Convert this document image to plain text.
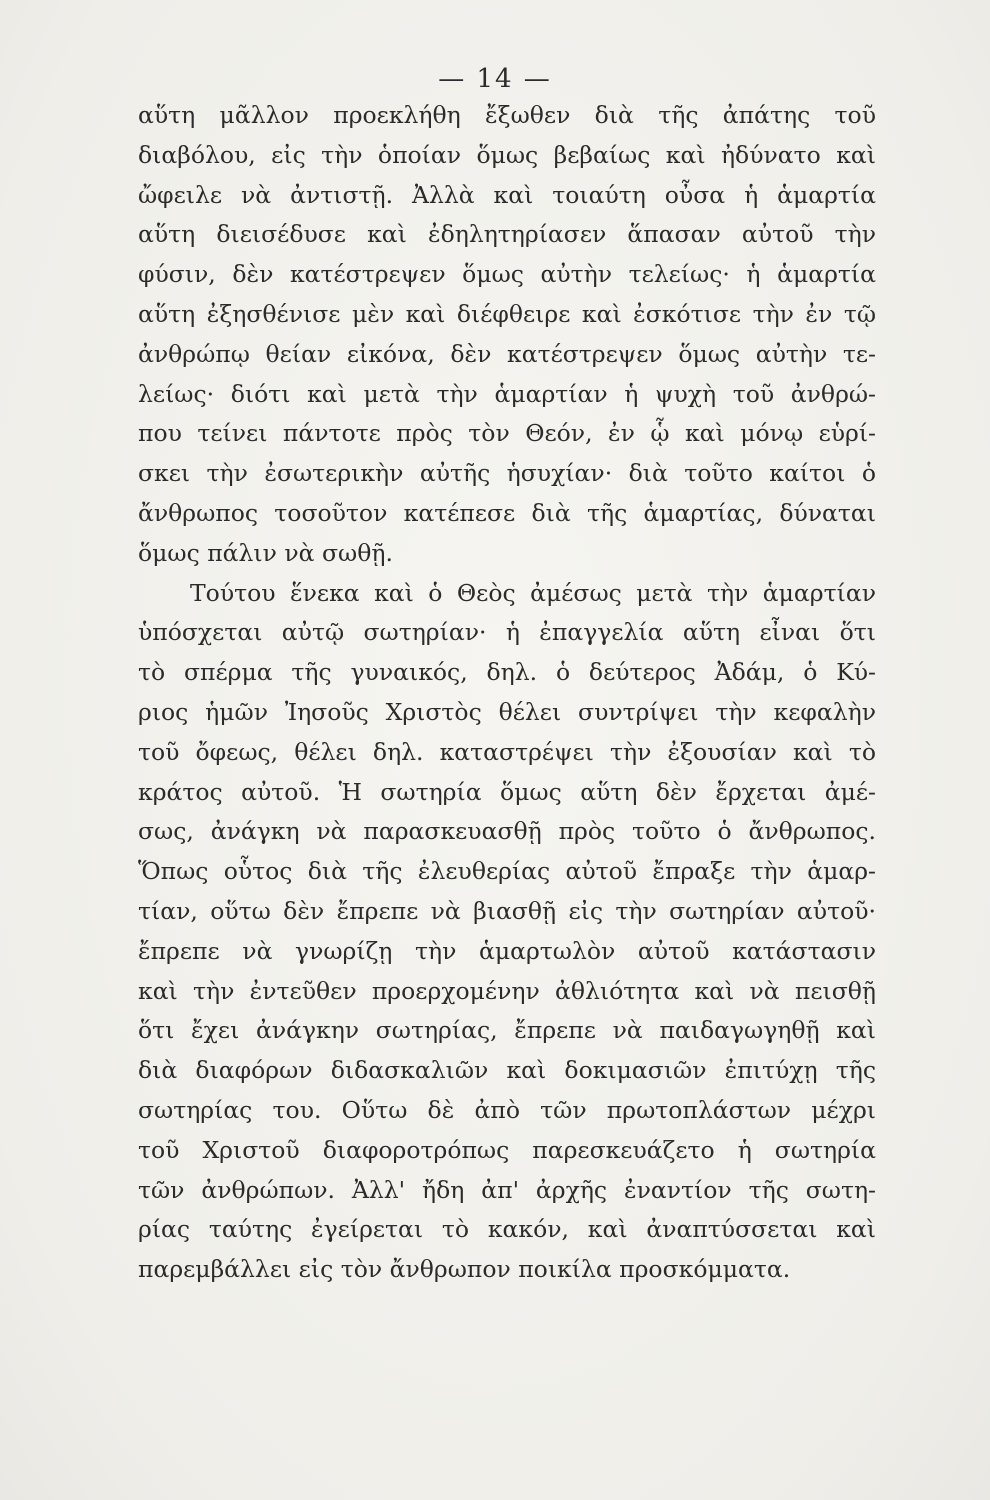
— 14 —
αὕτη μᾶλλον προεκλήθη ἔξωθεν διὰ τῆς ἀπάτης τοῦ
διαβόλου, εἰς τὴν ὁποίαν ὅμως βεβαίως καὶ ἠδύνατο καὶ
ὤφειλε νὰ ἀντιστῇ. Ἀλλὰ καὶ τοιαύτη οὖσα ἡ ἁμαρτία
αὕτη διεισέδυσε καὶ ἐδηλητηρίασεν ἅπασαν αὐτοῦ τὴν
φύσιν, δὲν κατέστρεψεν ὅμως αὐτὴν τελείως· ἡ ἁμαρτία
αὕτη ἐξησθένισε μὲν καὶ διέφθειρε καὶ ἐσκότισε τὴν ἐν τῷ
ἀνθρώπῳ θείαν εἰκόνα, δὲν κατέστρεψεν ὅμως αὐτὴν τε-
λείως· διότι καὶ μετὰ τὴν ἁμαρτίαν ἡ ψυχὴ τοῦ ἀνθρώ-
που τείνει πάντοτε πρὸς τὸν Θεόν, ἐν ᾧ καὶ μόνῳ εὑρί-
σκει τὴν ἐσωτερικὴν αὐτῆς ἡσυχίαν· διὰ τοῦτο καίτοι ὁ
ἄνθρωπος τοσοῦτον κατέπεσε διὰ τῆς ἁμαρτίας, δύναται
ὅμως πάλιν νὰ σωθῇ.
Τούτου ἕνεκα καὶ ὁ Θεὸς ἀμέσως μετὰ τὴν ἁμαρτίαν
ὑπόσχεται αὐτῷ σωτηρίαν· ἡ ἐπαγγελία αὕτη εἶναι ὅτι
τὸ σπέρμα τῆς γυναικός, δηλ. ὁ δεύτερος Ἀδάμ, ὁ Κύ-
ριος ἡμῶν Ἰησοῦς Χριστὸς θέλει συντρίψει τὴν κεφαλὴν
τοῦ ὄφεως, θέλει δηλ. καταστρέψει τὴν ἐξουσίαν καὶ τὸ
κράτος αὐτοῦ. Ἡ σωτηρία ὅμως αὕτη δὲν ἔρχεται ἀμέ-
σως, ἀνάγκη νὰ παρασκευασθῇ πρὸς τοῦτο ὁ ἄνθρωπος.
Ὅπως οὗτος διὰ τῆς ἐλευθερίας αὐτοῦ ἔπραξε τὴν ἁμαρ-
τίαν, οὕτω δὲν ἔπρεπε νὰ βιασθῇ εἰς τὴν σωτηρίαν αὐτοῦ·
ἔπρεπε νὰ γνωρίζῃ τὴν ἁμαρτωλὸν αὐτοῦ κατάστασιν
καὶ τὴν ἐντεῦθεν προερχομένην ἀθλιότητα καὶ νὰ πεισθῇ
ὅτι ἔχει ἀνάγκην σωτηρίας, ἔπρεπε νὰ παιδαγωγηθῇ καὶ
διὰ διαφόρων διδασκαλιῶν καὶ δοκιμασιῶν ἐπιτύχῃ τῆς
σωτηρίας του. Οὕτω δὲ ἀπὸ τῶν πρωτοπλάστων μέχρι
τοῦ Χριστοῦ διαφοροτρόπως παρεσκευάζετο ἡ σωτηρία
τῶν ἀνθρώπων. Ἀλλ' ἤδη ἀπ' ἀρχῆς ἐναντίον τῆς σωτη-
ρίας ταύτης ἐγείρεται τὸ κακόν, καὶ ἀναπτύσσεται καὶ
παρεμβάλλει εἰς τὸν ἄνθρωπον ποικίλα προσκόμματα.
